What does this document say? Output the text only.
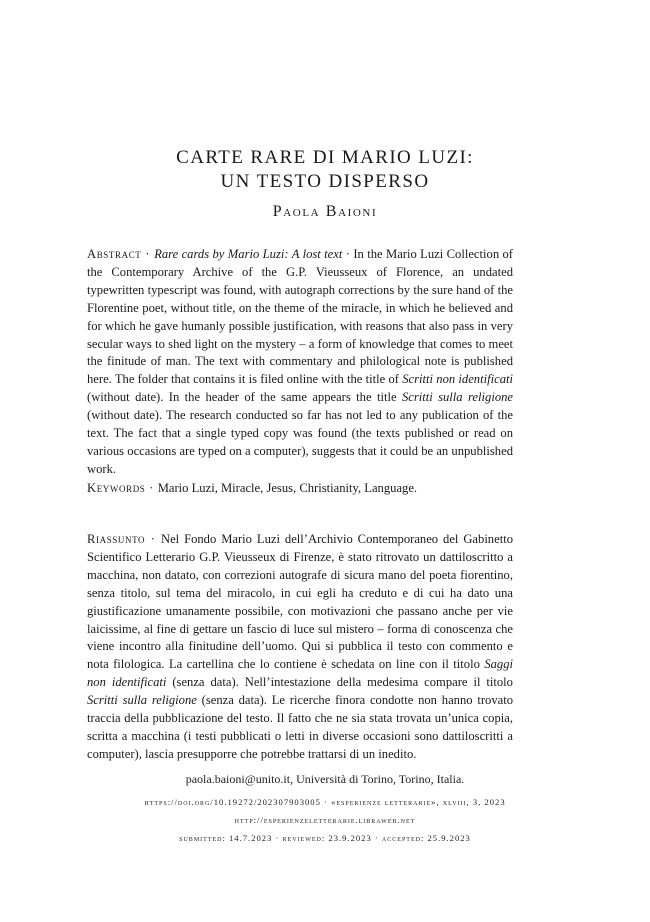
CARTE RARE DI MARIO LUZI:
UN TESTO DISPERSO
Paola Baioni
Abstract · Rare cards by Mario Luzi: A lost text · In the Mario Luzi Collection of the Contemporary Archive of the G.P. Vieusseux of Florence, an undated typewritten typescript was found, with autograph corrections by the sure hand of the Florentine poet, without title, on the theme of the miracle, in which he believed and for which he gave humanly possible justification, with reasons that also pass in very secular ways to shed light on the mystery – a form of knowledge that comes to meet the finitude of man. The text with commentary and philological note is published here. The folder that contains it is filed online with the title of Scritti non identificati (without date). In the header of the same appears the title Scritti sulla religione (without date). The research conducted so far has not led to any publication of the text. The fact that a single typed copy was found (the texts published or read on various occasions are typed on a computer), suggests that it could be an unpublished work.
Keywords · Mario Luzi, Miracle, Jesus, Christianity, Language.
Riassunto · Nel Fondo Mario Luzi dell’Archivio Contemporaneo del Gabinetto Scientifico Letterario G.P. Vieusseux di Firenze, è stato ritrovato un dattiloscritto a macchina, non datato, con correzioni autografe di sicura mano del poeta fiorentino, senza titolo, sul tema del miracolo, in cui egli ha creduto e di cui ha dato una giustificazione umanamente possibile, con motivazioni che passano anche per vie laicissime, al fine di gettare un fascio di luce sul mistero – forma di conoscenza che viene incontro alla finitudine dell’uomo. Qui si pubblica il testo con commento e nota filologica. La cartellina che lo contiene è schedata on line con il titolo Saggi non identificati (senza data). Nell’intestazione della medesima compare il titolo Scritti sulla religione (senza data). Le ricerche finora condotte non hanno trovato traccia della pubblicazione del testo. Il fatto che ne sia stata trovata un’unica copia, scritta a macchina (i testi pubblicati o letti in diverse occasioni sono dattiloscritti a computer), lascia presupporre che potrebbe trattarsi di un inedito.
paola.baioni@unito.it, Università di Torino, Torino, Italia.
https://doi.org/10.19272/202307903005 · «esperienze letterarie», xlviii, 3, 2023
http://esperienzeletterarie.libraweb.net
submitted: 14.7.2023 · reviewed: 23.9.2023 · accepted: 25.9.2023
